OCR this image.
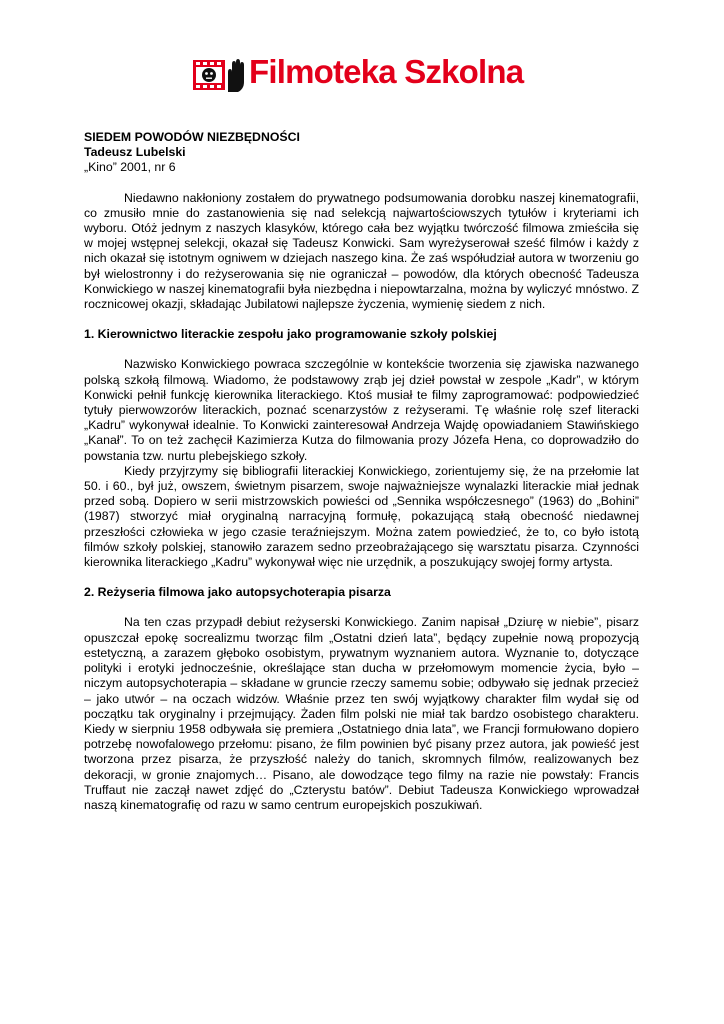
Filmoteka Szkolna

SIEDEM POWODÓW NIEZBĘDNOŚCI

Tadeusz Lubelski

„Kino” 2001, nr 6

Niedawno nakłoniony zostałem do prywatnego podsumowania dorobku naszej kinematografii, co zmusiło mnie do zastanowienia się nad selekcją najwartościowszych tytułów i kryteriami ich wyboru. Otóż jednym z naszych klasyków, którego cała bez wyjątku twórczość filmowa zmieściła się w mojej wstępnej selekcji, okazał się Tadeusz Konwicki. Sam wyreżyserował sześć filmów i każdy z nich okazał się istotnym ogniwem w dziejach naszego kina. Że zaś współudział autora w tworzeniu go był wielostronny i do reżyserowania się nie ograniczał – powodów, dla których obecność Tadeusza Konwickiego w naszej kinematografii była niezbędna i niepowtarzalna, można by wyliczyć mnóstwo. Z rocznicowej okazji, składając Jubilatowi najlepsze życzenia, wymienię siedem z nich.

1. Kierownictwo literackie zespołu jako programowanie szkoły polskiej

Nazwisko Konwickiego powraca szczególnie w kontekście tworzenia się zjawiska nazwanego polską szkołą filmową. Wiadomo, że podstawowy zrąb jej dzieł powstał w zespole „Kadr”, w którym Konwicki pełnił funkcję kierownika literackiego. Ktoś musiał te filmy zaprogramować: podpowiedzieć tytuły pierwowzorów literackich, poznać scenarzystów z reżyserami. Tę właśnie rolę szef literacki „Kadru” wykonywał idealnie. To Konwicki zainteresował Andrzeja Wajdę opowiadaniem Stawińskiego „Kanał”. To on też zachęcił Kazimierza Kutza do filmowania prozy Józefa Hena, co doprowadziło do powstania tzw. nurtu plebejskiego szkoły.

Kiedy przyjrzymy się bibliografii literackiej Konwickiego, zorientujemy się, że na przełomie lat 50. i 60., był już, owszem, świetnym pisarzem, swoje najważniejsze wynalazki literackie miał jednak przed sobą. Dopiero w serii mistrzowskich powieści od „Sennika współczesnego” (1963) do „Bohini” (1987) stworzyć miał oryginalną narracyjną formułę, pokazującą stałą obecność niedawnej przeszłości człowieka w jego czasie teraźniejszym. Można zatem powiedzieć, że to, co było istotą filmów szkoły polskiej, stanowiło zarazem sedno przeobrażającego się warsztatu pisarza. Czynności kierownika literackiego „Kadru” wykonywał więc nie urzędnik, a poszukujący swojej formy artysta.

2. Reżyseria filmowa jako autopsychoterapia pisarza

Na ten czas przypadł debiut reżyserski Konwickiego. Zanim napisał „Dziurę w niebie”, pisarz opuszczał epokę socrealizmu tworząc film „Ostatni dzień lata”, będący zupełnie nową propozycją estetyczną, a zarazem głęboko osobistym, prywatnym wyznaniem autora. Wyznanie to, dotyczące polityki i erotyki jednocześnie, określające stan ducha w przełomowym momencie życia, było – niczym autopsychoterapia – składane w gruncie rzeczy samemu sobie; odbywało się jednak przecież – jako utwór – na oczach widzów. Właśnie przez ten swój wyjątkowy charakter film wydał się od początku tak oryginalny i przejmujący. Żaden film polski nie miał tak bardzo osobistego charakteru. Kiedy w sierpniu 1958 odbywała się premiera „Ostatniego dnia lata”, we Francji formułowano dopiero potrzebę nowofalowego przełomu: pisano, że film powinien być pisany przez autora, jak powieść jest tworzona przez pisarza, że przyszłość należy do tanich, skromnych filmów, realizowanych bez dekoracji, w gronie znajomych… Pisano, ale dowodzące tego filmy na razie nie powstały: Francis Truffaut nie zaczął nawet zdjęć do „Czterystu batów”. Debiut Tadeusza Konwickiego wprowadzał naszą kinematografię od razu w samo centrum europejskich poszukiwań.
